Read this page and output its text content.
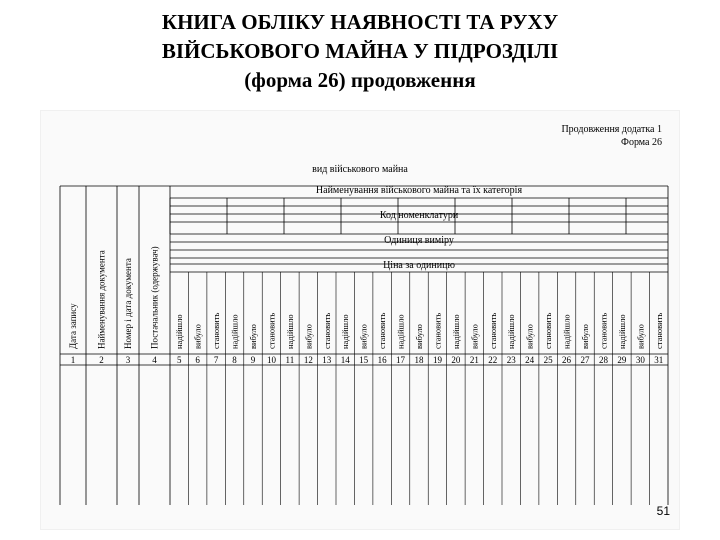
КНИГА ОБЛІКУ НАЯВНОСТІ ТА РУХУ
ВІЙСЬКОВОГО МАЙНА У ПІДРОЗДІЛІ
(форма 26) продовження
Продовження додатка 1
Форма 26
вид військового майна
Найменування військового майна та їх категорія
Код номенклатури
Одиниця виміру
Ціна за одиницю
Дата запису Найменування документа Номер і дата документа Постачальник (одержувач) надійшло вибуло становить надійшло вибуло становить надійшло вибуло становить надійшло вибуло становить надійшло вибуло становить надійшло вибуло становить надійшло вибуло становить надійшло вибуло становить надійшло вибуло становить
1	2 3 4 5 6 7 8 9 10 11 12 13 14 15 16 17 18 19 20 21 22 23 24 25 26 27 28 29 30 31
51
